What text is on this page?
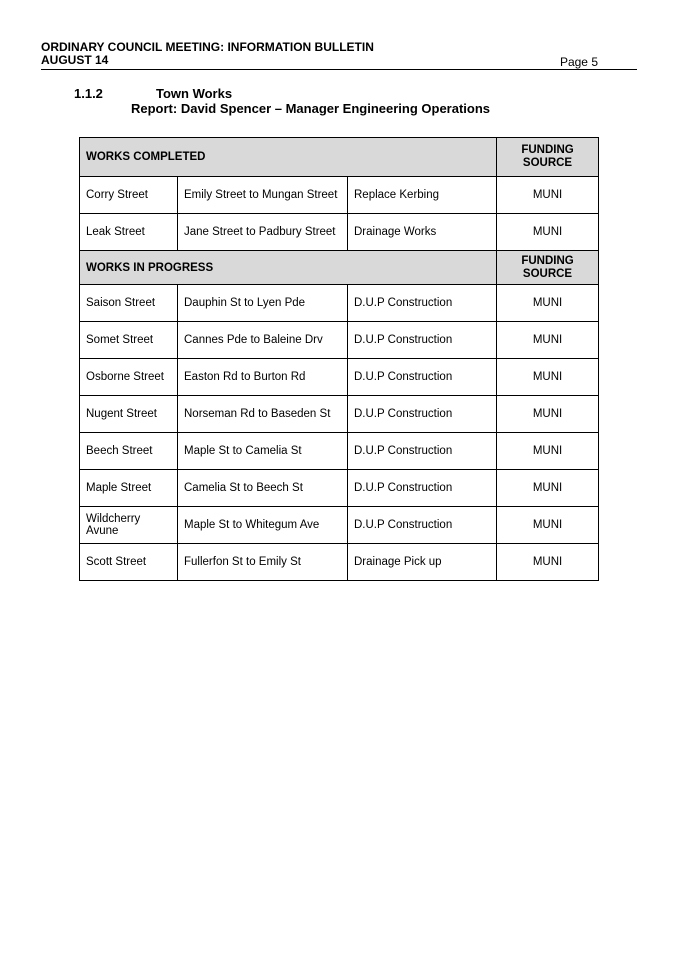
ORDINARY COUNCIL MEETING: INFORMATION BULLETIN
AUGUST 14	Page 5
1.1.2	Town Works
Report: David Spencer – Manager Engineering Operations
WORKS COMPLETED			FUNDING
SOURCE
Corry Street	Emily Street to Mungan Street	Replace Kerbing	MUNI
Leak Street	Jane Street to Padbury Street	Drainage Works	MUNI
WORKS IN PROGRESS			FUNDING
SOURCE
Saison Street	Dauphin St to Lyen Pde	D.U.P Construction	MUNI
Somet Street	Cannes Pde to Baleine Drv	D.U.P Construction	MUNI
Osborne Street	Easton Rd to Burton Rd	D.U.P Construction	MUNI
Nugent Street	Norseman Rd to Baseden St	D.U.P Construction	MUNI
Beech Street	Maple St to Camelia St	D.U.P Construction	MUNI
Maple Street	Camelia St to Beech St	D.U.P Construction	MUNI
Wildcherry Avune	Maple St to Whitegum Ave	D.U.P Construction	MUNI
Scott Street	Fullerfon St to Emily St	Drainage Pick up	MUNI
